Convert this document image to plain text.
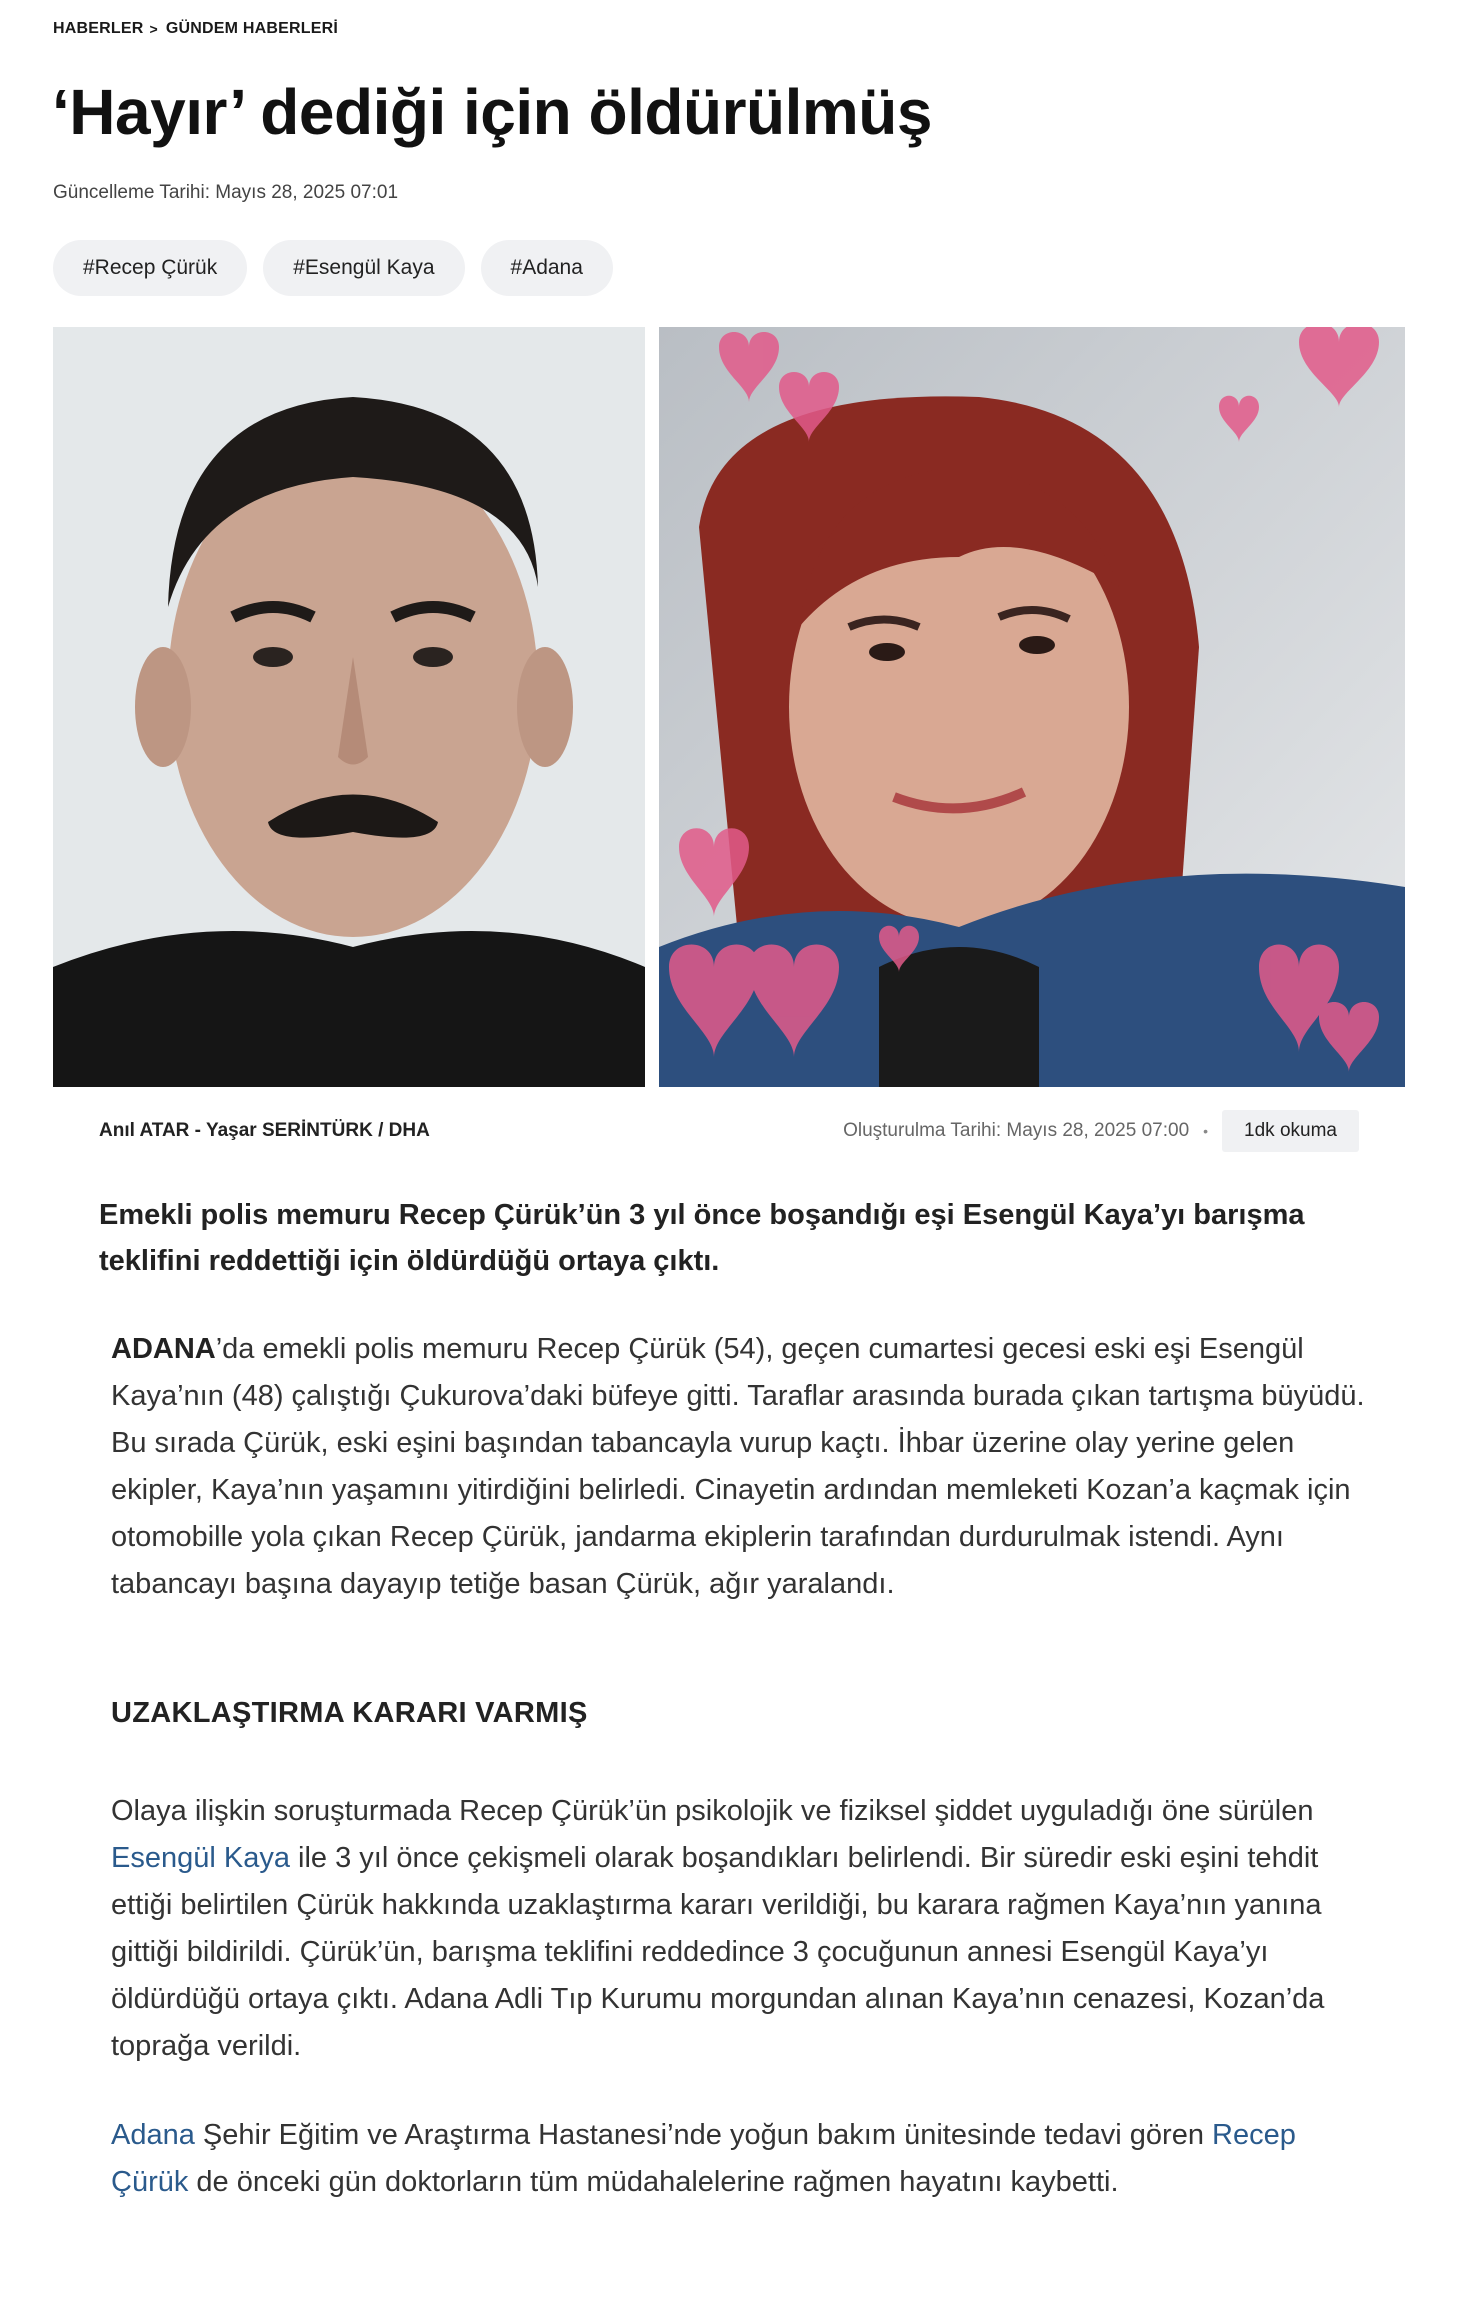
HABERLER > GÜNDEM HABERLERİ
‘Hayır’ dediği için öldürülmüş
Güncelleme Tarihi: Mayıs 28, 2025 07:01
#Recep Çürük	#Esengül Kaya	#Adana
Anıl ATAR - Yaşar SERİNTÜRK / DHA	Oluşturulma Tarihi: Mayıs 28, 2025 07:00 •	1dk okuma

Emekli polis memuru Recep Çürük’ün 3 yıl önce boşandığı eşi Esengül Kaya’yı barışma teklifini reddettiği için öldürdüğü ortaya çıktı.

ADANA’da emekli polis memuru Recep Çürük (54), geçen cumartesi gecesi eski eşi Esengül Kaya’nın (48) çalıştığı Çukurova’daki büfeye gitti. Taraflar arasında burada çıkan tartışma büyüdü. Bu sırada Çürük, eski eşini başından tabancayla vurup kaçtı. İhbar üzerine olay yerine gelen ekipler, Kaya’nın yaşamını yitirdiğini belirledi. Cinayetin ardından memleketi Kozan’a kaçmak için otomobille yola çıkan Recep Çürük, jandarma ekiplerin tarafından durdurulmak istendi. Aynı tabancayı başına dayayıp tetiğe basan Çürük, ağır yaralandı.

UZAKLAŞTIRMA KARARI VARMIŞ

Olaya ilişkin soruşturmada Recep Çürük’ün psikolojik ve fiziksel şiddet uyguladığı öne sürülen Esengül Kaya ile 3 yıl önce çekişmeli olarak boşandıkları belirlendi. Bir süredir eski eşini tehdit ettiği belirtilen Çürük hakkında uzaklaştırma kararı verildiği, bu karara rağmen Kaya’nın yanına gittiği bildirildi. Çürük’ün, barışma teklifini reddedince 3 çocuğunun annesi Esengül Kaya’yı öldürdüğü ortaya çıktı. Adana Adli Tıp Kurumu morgundan alınan Kaya’nın cenazesi, Kozan’da toprağa verildi.

Adana Şehir Eğitim ve Araştırma Hastanesi’nde yoğun bakım ünitesinde tedavi gören Recep Çürük de önceki gün doktorların tüm müdahalelerine rağmen hayatını kaybetti.
